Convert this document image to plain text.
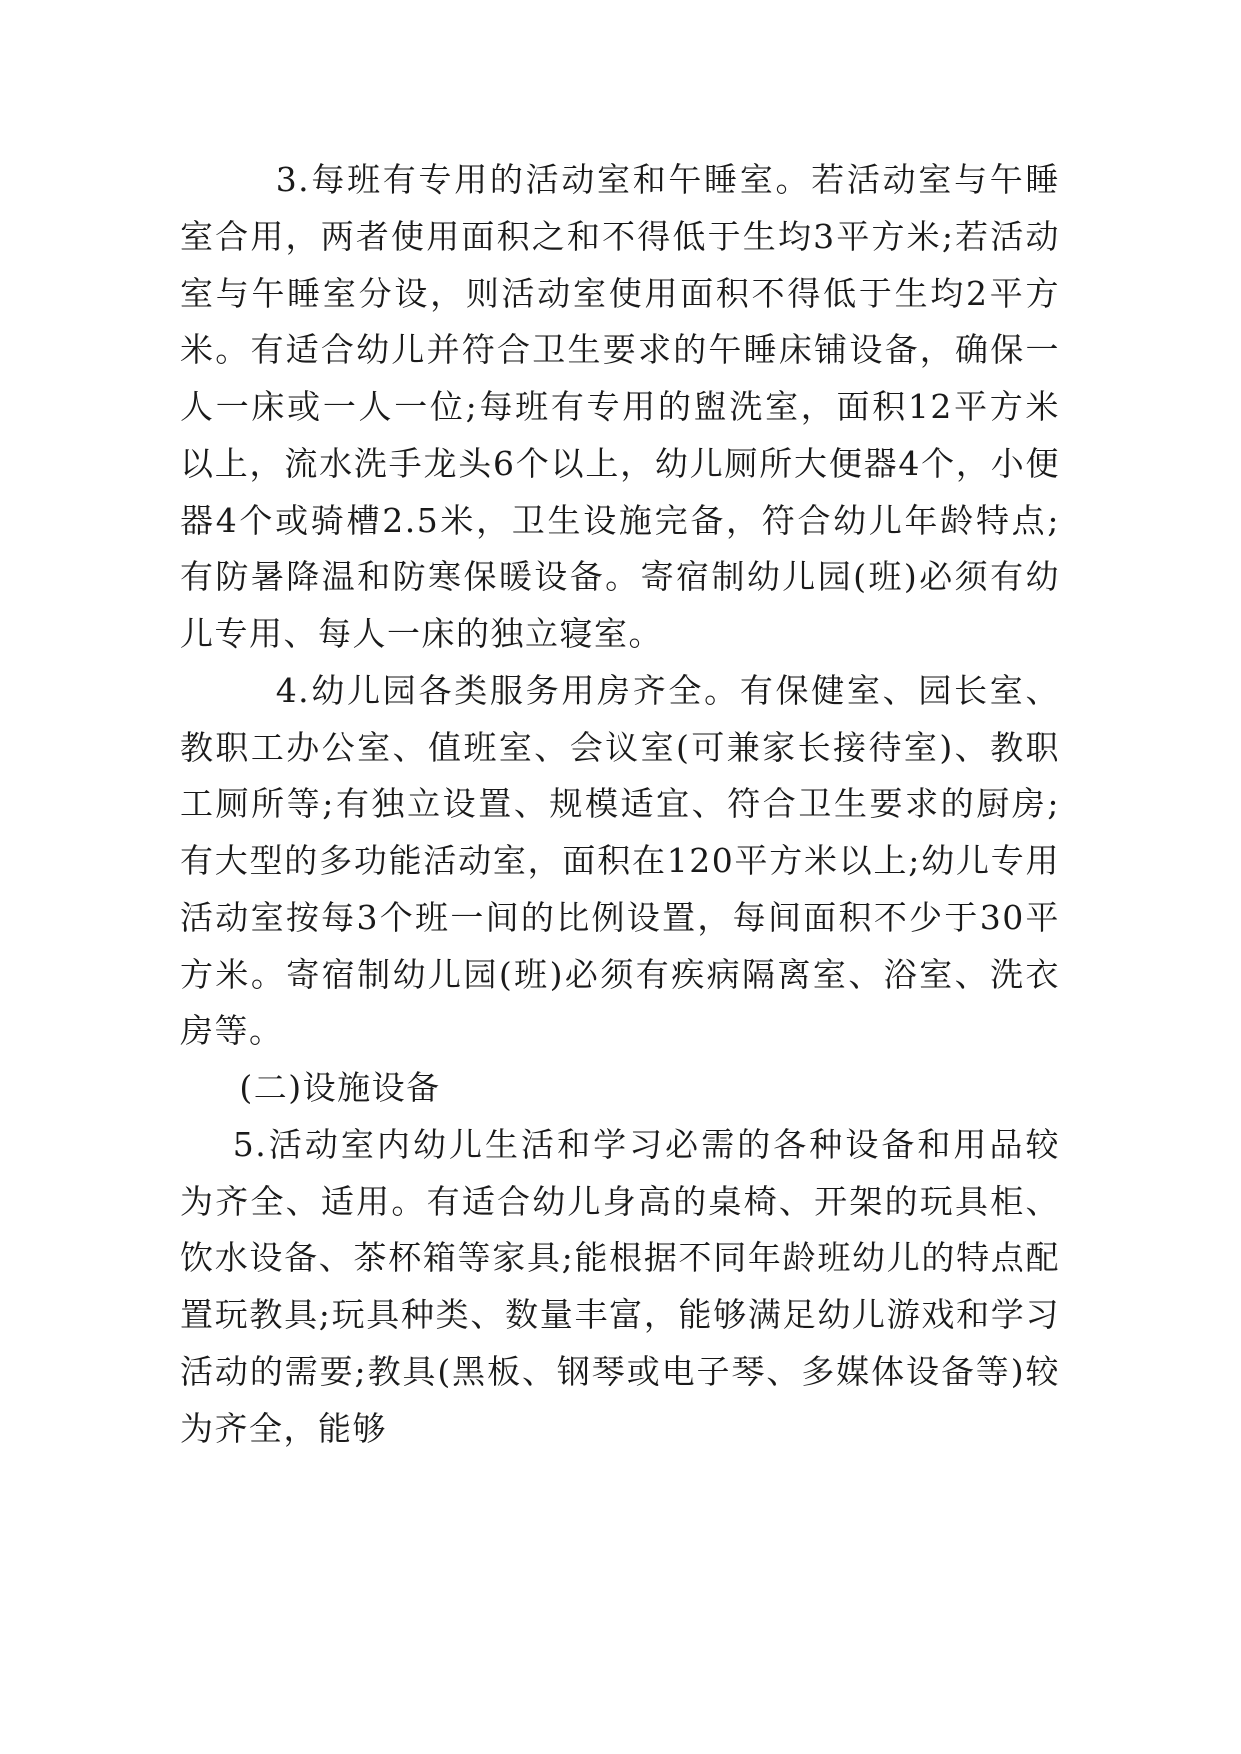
3.每班有专用的活动室和午睡室。若活动室与午睡室合用，两者使用面积之和不得低于生均3平方米;若活动室与午睡室分设，则活动室使用面积不得低于生均2平方米。有适合幼儿并符合卫生要求的午睡床铺设备，确保一人一床或一人一位;每班有专用的盥洗室，面积12平方米以上，流水洗手龙头6个以上，幼儿厕所大便器4个，小便器4个或骑槽2.5米，卫生设施完备，符合幼儿年龄特点;有防暑降温和防寒保暖设备。寄宿制幼儿园(班)必须有幼儿专用、每人一床的独立寝室。

4.幼儿园各类服务用房齐全。有保健室、园长室、教职工办公室、值班室、会议室(可兼家长接待室)、教职工厕所等;有独立设置、规模适宜、符合卫生要求的厨房;有大型的多功能活动室，面积在120平方米以上;幼儿专用活动室按每3个班一间的比例设置，每间面积不少于30平方米。寄宿制幼儿园(班)必须有疾病隔离室、浴室、洗衣房等。

(二)设施设备

5.活动室内幼儿生活和学习必需的各种设备和用品较为齐全、适用。有适合幼儿身高的桌椅、开架的玩具柜、饮水设备、茶杯箱等家具;能根据不同年龄班幼儿的特点配置玩教具;玩具种类、数量丰富，能够满足幼儿游戏和学习活动的需要;教具(黑板、钢琴或电子琴、多媒体设备等)较为齐全，能够
